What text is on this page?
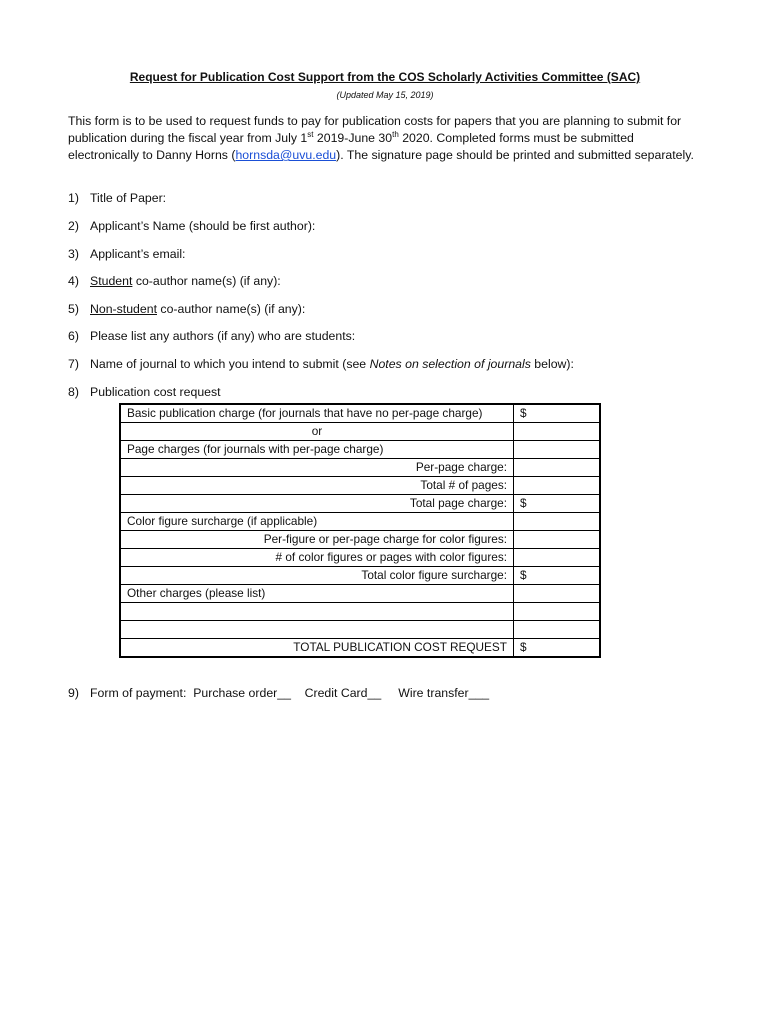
Request for Publication Cost Support from the COS Scholarly Activities Committee (SAC)
(Updated May 15, 2019)
This form is to be used to request funds to pay for publication costs for papers that you are planning to submit for publication during the fiscal year from July 1st 2019-June 30th 2020. Completed forms must be submitted electronically to Danny Horns (hornsda@uvu.edu). The signature page should be printed and submitted separately.
1) Title of Paper:
2) Applicant’s Name (should be first author):
3) Applicant’s email:
4) Student co-author name(s) (if any):
5) Non-student co-author name(s) (if any):
6) Please list any authors (if any) who are students:
7) Name of journal to which you intend to submit (see Notes on selection of journals below):
8) Publication cost request
Basic publication charge (for journals that have no per-page charge)	$
or	
Page charges (for journals with per-page charge)	
Per-page charge:	
Total # of pages:	
Total page charge:	$
Color figure surcharge (if applicable)	
Per-figure or per-page charge for color figures:	
# of color figures or pages with color figures:	
Total color figure surcharge:	$
Other charges (please list)	

TOTAL PUBLICATION COST REQUEST	$
9) Form of payment:  Purchase order__    Credit Card__     Wire transfer___
